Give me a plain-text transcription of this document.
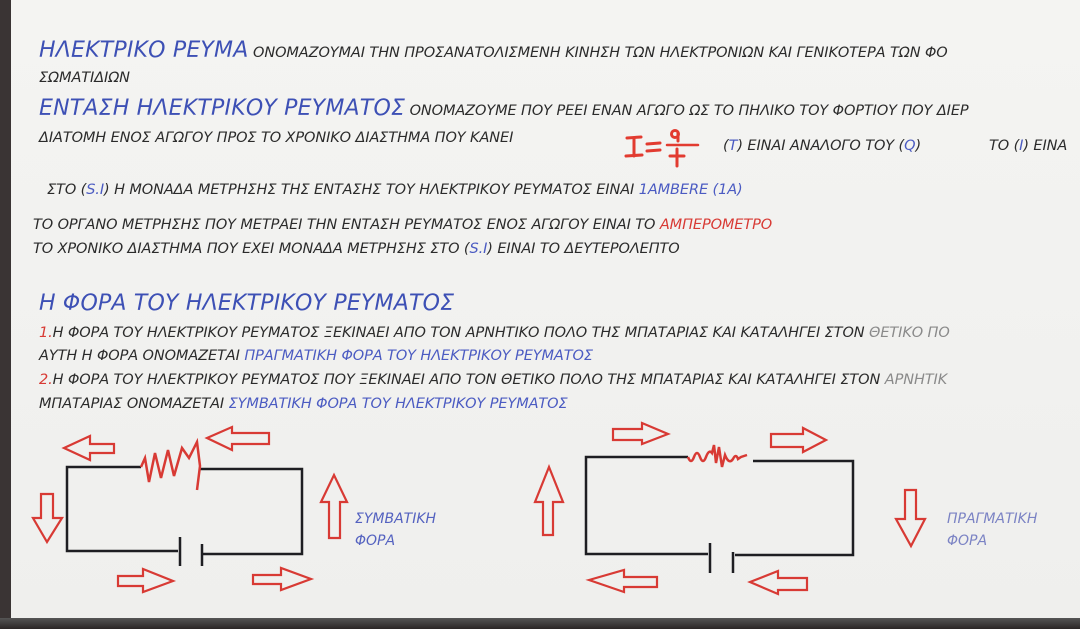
ΗΛΕΚΤΡΙΚΟ ΡΕΥΜΑ ΟΝΟΜΑΖΟΥΜΑΙ ΤΗΝ ΠΡΟΣΑΝΑΤΟΛΙΣΜΕΝΗ ΚΙΝΗΣΗ ΤΩΝ ΗΛΕΚΤΡΟΝΙΩΝ ΚΑΙ ΓΕΝΙΚΟΤΕΡΑ ΤΩΝ ΦΟ
ΣΩΜΑΤΙΔΙΩΝ
ΕΝΤΑΣΗ ΗΛΕΚΤΡΙΚΟΥ ΡΕΥΜΑΤΟΣ ΟΝΟΜΑΖΟΥΜΕ ΠΟΥ ΡΕΕΙ ΕΝΑΝ ΑΓΩΓΟ ΩΣ ΤΟ ΠΗΛΙΚΟ ΤΟΥ ΦΟΡΤΙΟΥ ΠΟΥ ΔΙΕΡ
ΔΙΑΤΟΜΗ ΕΝΟΣ ΑΓΩΓΟΥ ΠΡΟΣ ΤΟ ΧΡΟΝΙΚΟ ΔΙΑΣΤΗΜΑ ΠΟΥ ΚΑΝΕΙ	(T) ΕΙΝΑΙ ΑΝΑΛΟΓΟ ΤΟΥ (Q)	ΤΟ (I) ΕΙΝΑ
ΣΤΟ (S.I) Η ΜΟΝΑΔΑ ΜΕΤΡΗΣΗΣ ΤΗΣ ΕΝΤΑΣΗΣ ΤΟΥ ΗΛΕΚΤΡΙΚΟΥ ΡΕΥΜΑΤΟΣ ΕΙΝΑΙ 1AMBERE (1A)
ΤΟ ΟΡΓΑΝΟ ΜΕΤΡΗΣΗΣ ΠΟΥ ΜΕΤΡΑΕΙ ΤΗΝ ΕΝΤΑΣΗ ΡΕΥΜΑΤΟΣ ΕΝΟΣ ΑΓΩΓΟΥ ΕΙΝΑΙ ΤΟ ΑΜΠΕΡΟΜΕΤΡΟ
ΤΟ ΧΡΟΝΙΚΟ ΔΙΑΣΤΗΜΑ ΠΟΥ ΕΧΕΙ ΜΟΝΑΔΑ ΜΕΤΡΗΣΗΣ ΣΤΟ (S.I) ΕΙΝΑΙ ΤΟ ΔΕΥΤΕΡΟΛΕΠΤΟ
Η ΦΟΡΑ ΤΟΥ ΗΛΕΚΤΡΙΚΟΥ ΡΕΥΜΑΤΟΣ
1.Η ΦΟΡΑ ΤΟΥ ΗΛΕΚΤΡΙΚΟΥ ΡΕΥΜΑΤΟΣ ΞΕΚΙΝΑΕΙ ΑΠΟ ΤΟΝ ΑΡΝΗΤΙΚΟ ΠΟΛΟ ΤΗΣ ΜΠΑΤΑΡΙΑΣ ΚΑΙ ΚΑΤΑΛΗΓΕΙ ΣΤΟΝ ΘΕΤΙΚΟ ΠΟ
ΑΥΤΗ Η ΦΟΡΑ ΟΝΟΜΑΖΕΤΑΙ ΠΡΑΓΜΑΤΙΚΗ ΦΟΡΑ ΤΟΥ ΗΛΕΚΤΡΙΚΟΥ ΡΕΥΜΑΤΟΣ
2.Η ΦΟΡΑ ΤΟΥ ΗΛΕΚΤΡΙΚΟΥ ΡΕΥΜΑΤΟΣ ΠΟΥ ΞΕΚΙΝΑΕΙ ΑΠΟ ΤΟΝ ΘΕΤΙΚΟ ΠΟΛΟ ΤΗΣ ΜΠΑΤΑΡΙΑΣ ΚΑΙ ΚΑΤΑΛΗΓΕΙ ΣΤΟΝ ΑΡΝΗΤΙΚ
ΜΠΑΤΑΡΙΑΣ ΟΝΟΜΑΖΕΤΑΙ ΣΥΜΒΑΤΙΚΗ ΦΟΡΑ ΤΟΥ ΗΛΕΚΤΡΙΚΟΥ ΡΕΥΜΑΤΟΣ
ΣΥΜΒΑΤΙΚΗ
ΦΟΡΑ
ΠΡΑΓΜΑΤΙΚΗ
ΦΟΡΑ
